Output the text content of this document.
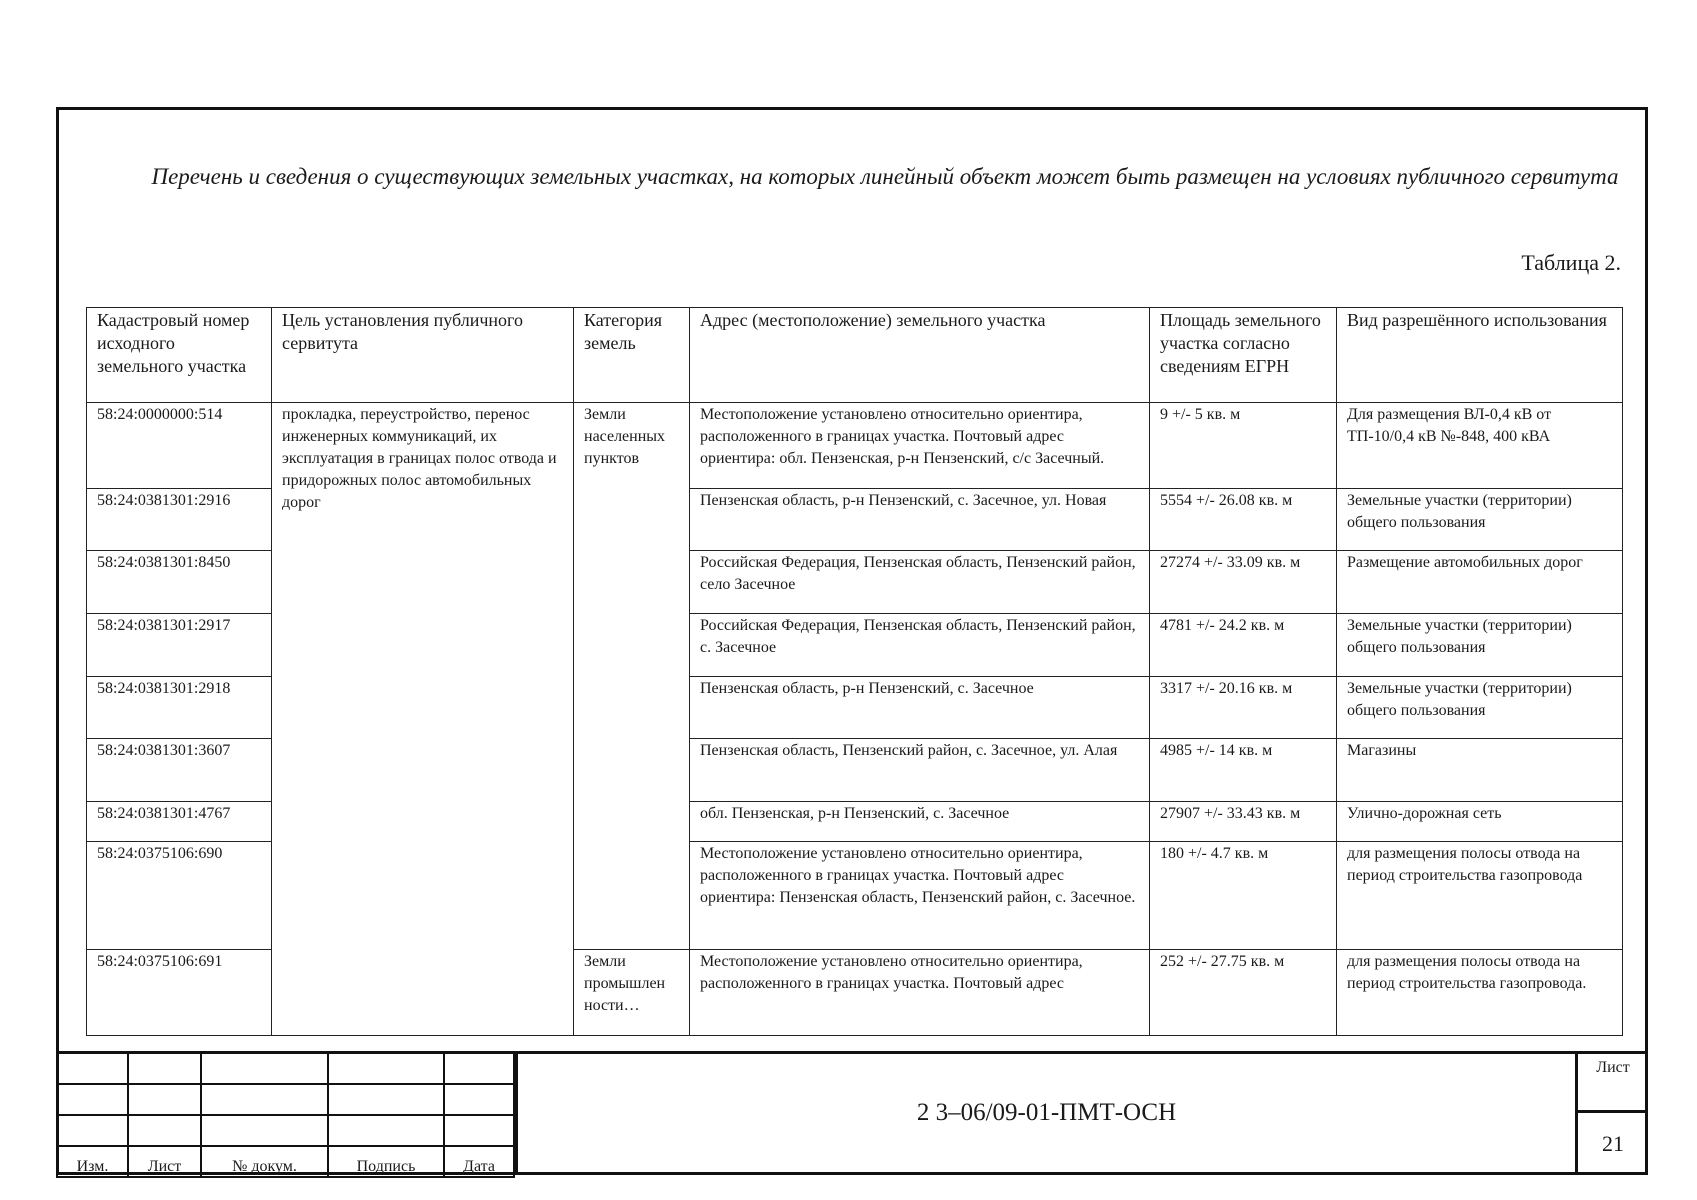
Перечень и сведения о существующих земельных участках, на которых линейный объект может быть размещен на условиях публичного сервитута
Таблица 2.
Кадастровый номер исходного земельного участка	Цель установления публичного сервитута	Категория земель	Адрес (местоположение) земельного участка	Площадь земельного участка согласно сведениям ЕГРН	Вид разрешённого использования
58:24:0000000:514	прокладка, переустройство, перенос инженерных коммуникаций, их эксплуатация в границах полос отвода и придорожных полос автомобильных дорог	Земли населенных пунктов	Местоположение установлено относительно ориентира, расположенного в границах участка. Почтовый адрес ориентира: обл. Пензенская, р-н Пензенский, с/с Засечный.	9 +/- 5 кв. м	Для размещения ВЛ-0,4 кВ от ТП-10/0,4 кВ №-848, 400 кВА
58:24:0381301:2916			Пензенская область, р-н Пензенский, с. Засечное, ул. Новая	5554 +/- 26.08 кв. м	Земельные участки (территории) общего пользования
58:24:0381301:8450			Российская Федерация, Пензенская область, Пензенский район, село Засечное	27274 +/- 33.09 кв. м	Размещение автомобильных дорог
58:24:0381301:2917			Российская Федерация, Пензенская область, Пензенский район, с. Засечное	4781 +/- 24.2 кв. м	Земельные участки (территории) общего пользования
58:24:0381301:2918			Пензенская область, р-н Пензенский, с. Засечное	3317 +/- 20.16 кв. м	Земельные участки (территории) общего пользования
58:24:0381301:3607			Пензенская область, Пензенский район, с. Засечное, ул. Алая	4985 +/- 14 кв. м	Магазины
58:24:0381301:4767			обл. Пензенская, р-н Пензенский, с. Засечное	27907 +/- 33.43 кв. м	Улично-дорожная сеть
58:24:0375106:690			Местоположение установлено относительно ориентира, расположенного в границах участка. Почтовый адрес ориентира: Пензенская область, Пензенский район, с. Засечное.	180 +/- 4.7 кв. м	для размещения полосы отвода на период строительства газопровода
58:24:0375106:691		Земли промышлен ности…	Местоположение установлено относительно ориентира, расположенного в границах участка. Почтовый адрес	252 +/- 27.75 кв. м	для размещения полосы отвода на период строительства газопровода.

Изм.	Лист	№ докум.	Подпись	Дата
2 3–06/09-01-ПМТ-ОСН
Лист
21
